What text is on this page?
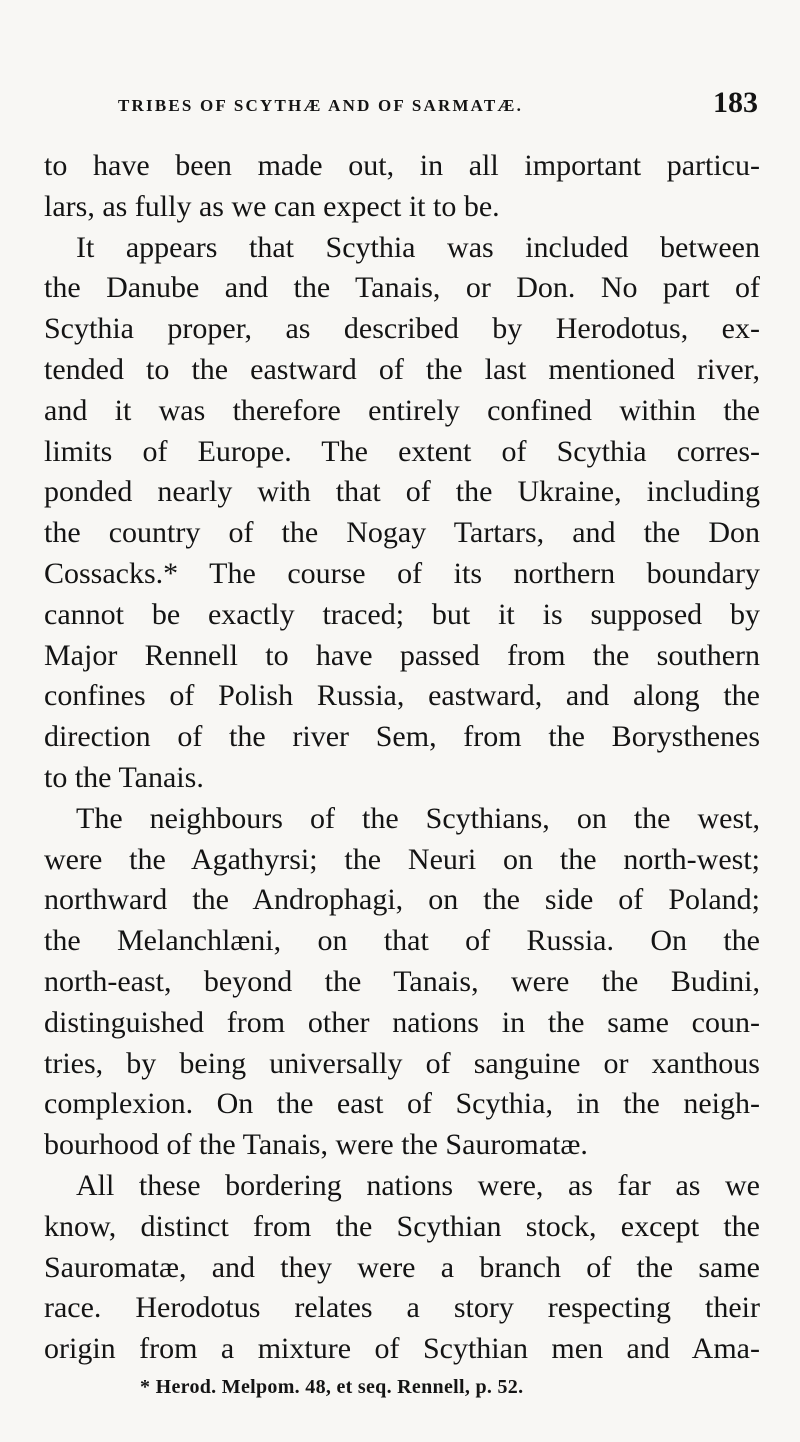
TRIBES OF SCYTHÆ AND OF SARMATÆ.	183
to have been made out, in all important particu-
lars, as fully as we can expect it to be.
It appears that Scythia was included between
the Danube and the Tanais, or Don. No part of
Scythia proper, as described by Herodotus, ex-
tended to the eastward of the last mentioned river,
and it was therefore entirely confined within the
limits of Europe. The extent of Scythia corres-
ponded nearly with that of the Ukraine, including
the country of the Nogay Tartars, and the Don
Cossacks.* The course of its northern boundary
cannot be exactly traced; but it is supposed by
Major Rennell to have passed from the southern
confines of Polish Russia, eastward, and along the
direction of the river Sem, from the Borysthenes
to the Tanais.
The neighbours of the Scythians, on the west,
were the Agathyrsi; the Neuri on the north-west;
northward the Androphagi, on the side of Poland;
the Melanchlæni, on that of Russia. On the
north-east, beyond the Tanais, were the Budini,
distinguished from other nations in the same coun-
tries, by being universally of sanguine or xanthous
complexion. On the east of Scythia, in the neigh-
bourhood of the Tanais, were the Sauromatæ.
All these bordering nations were, as far as we
know, distinct from the Scythian stock, except the
Sauromatæ, and they were a branch of the same
race. Herodotus relates a story respecting their
origin from a mixture of Scythian men and Ama-
* Herod. Melpom. 48, et seq. Rennell, p. 52.
